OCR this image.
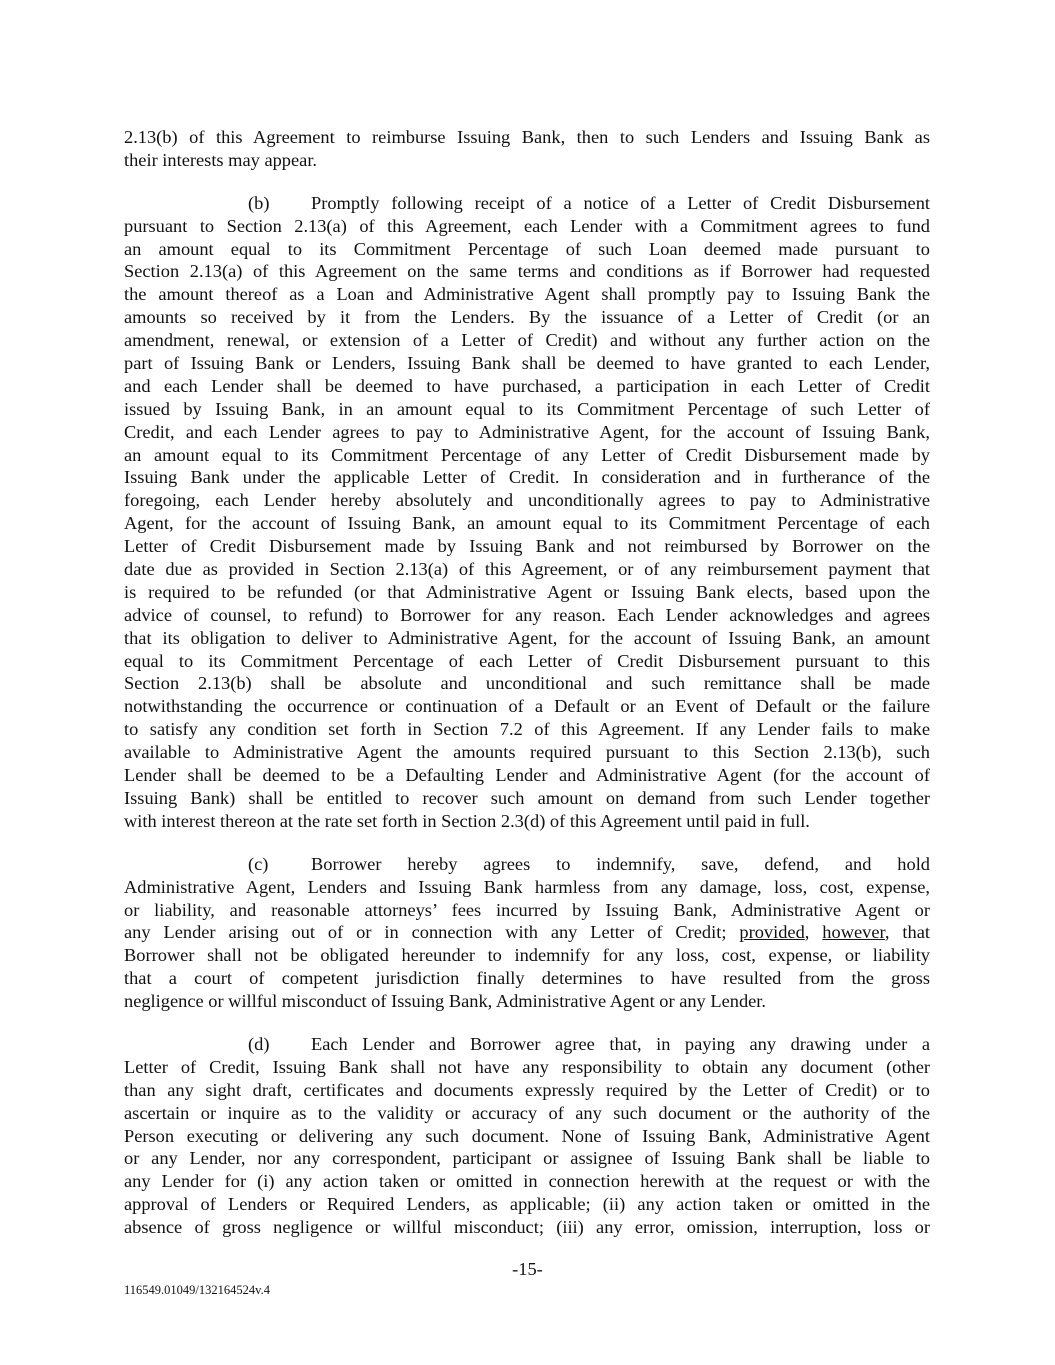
2.13(b) of this Agreement to reimburse Issuing Bank, then to such Lenders and Issuing Bank as
their interests may appear.
(b) Promptly following receipt of a notice of a Letter of Credit Disbursement
pursuant to Section 2.13(a) of this Agreement, each Lender with a Commitment agrees to fund
an amount equal to its Commitment Percentage of such Loan deemed made pursuant to
Section 2.13(a) of this Agreement on the same terms and conditions as if Borrower had requested
the amount thereof as a Loan and Administrative Agent shall promptly pay to Issuing Bank the
amounts so received by it from the Lenders. By the issuance of a Letter of Credit (or an
amendment, renewal, or extension of a Letter of Credit) and without any further action on the
part of Issuing Bank or Lenders, Issuing Bank shall be deemed to have granted to each Lender,
and each Lender shall be deemed to have purchased, a participation in each Letter of Credit
issued by Issuing Bank, in an amount equal to its Commitment Percentage of such Letter of
Credit, and each Lender agrees to pay to Administrative Agent, for the account of Issuing Bank,
an amount equal to its Commitment Percentage of any Letter of Credit Disbursement made by
Issuing Bank under the applicable Letter of Credit. In consideration and in furtherance of the
foregoing, each Lender hereby absolutely and unconditionally agrees to pay to Administrative
Agent, for the account of Issuing Bank, an amount equal to its Commitment Percentage of each
Letter of Credit Disbursement made by Issuing Bank and not reimbursed by Borrower on the
date due as provided in Section 2.13(a) of this Agreement, or of any reimbursement payment that
is required to be refunded (or that Administrative Agent or Issuing Bank elects, based upon the
advice of counsel, to refund) to Borrower for any reason. Each Lender acknowledges and agrees
that its obligation to deliver to Administrative Agent, for the account of Issuing Bank, an amount
equal to its Commitment Percentage of each Letter of Credit Disbursement pursuant to this
Section 2.13(b) shall be absolute and unconditional and such remittance shall be made
notwithstanding the occurrence or continuation of a Default or an Event of Default or the failure
to satisfy any condition set forth in Section 7.2 of this Agreement. If any Lender fails to make
available to Administrative Agent the amounts required pursuant to this Section 2.13(b), such
Lender shall be deemed to be a Defaulting Lender and Administrative Agent (for the account of
Issuing Bank) shall be entitled to recover such amount on demand from such Lender together
with interest thereon at the rate set forth in Section 2.3(d) of this Agreement until paid in full.
(c) Borrower hereby agrees to indemnify, save, defend, and hold
Administrative Agent, Lenders and Issuing Bank harmless from any damage, loss, cost, expense,
or liability, and reasonable attorneys’ fees incurred by Issuing Bank, Administrative Agent or
any Lender arising out of or in connection with any Letter of Credit; provided, however, that
Borrower shall not be obligated hereunder to indemnify for any loss, cost, expense, or liability
that a court of competent jurisdiction finally determines to have resulted from the gross
negligence or willful misconduct of Issuing Bank, Administrative Agent or any Lender.
(d) Each Lender and Borrower agree that, in paying any drawing under a
Letter of Credit, Issuing Bank shall not have any responsibility to obtain any document (other
than any sight draft, certificates and documents expressly required by the Letter of Credit) or to
ascertain or inquire as to the validity or accuracy of any such document or the authority of the
Person executing or delivering any such document. None of Issuing Bank, Administrative Agent
or any Lender, nor any correspondent, participant or assignee of Issuing Bank shall be liable to
any Lender for (i) any action taken or omitted in connection herewith at the request or with the
approval of Lenders or Required Lenders, as applicable; (ii) any action taken or omitted in the
absence of gross negligence or willful misconduct; (iii) any error, omission, interruption, loss or
-15-
116549.01049/132164524v.4
